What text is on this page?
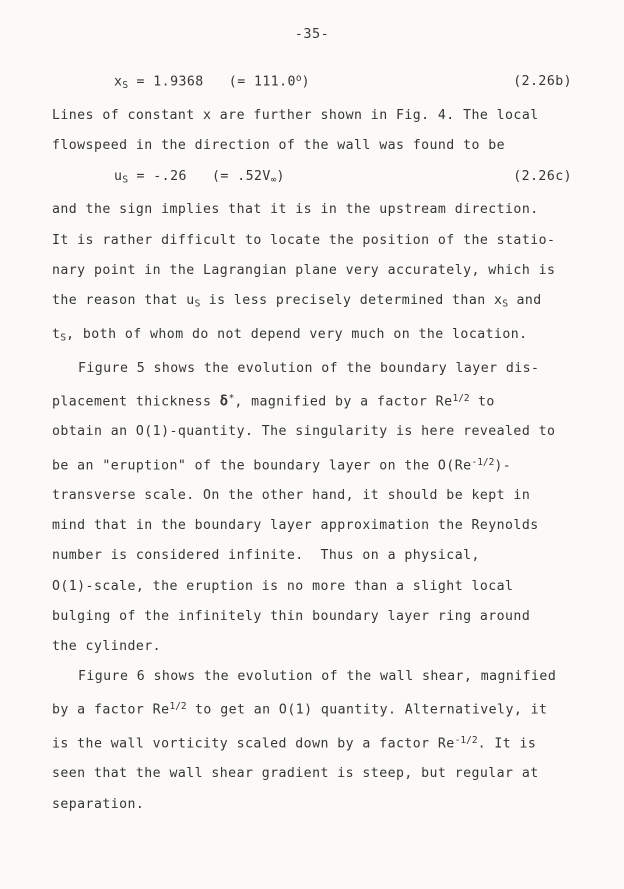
-35-
$x_S = 1.9368$   (= $111.0^o$)	(2.26b)

Lines of constant x are further shown in Fig. 4. The local

flowspeed in the direction of the wall was found to be

$u_S = -.26$   (= $.52V_\infty$)	(2.26c)

and the sign implies that it is in the upstream direction.

It is rather difficult to locate the position of the statio-

nary point in the Lagrangian plane very accurately, which is

the reason that $u_S$ is less precisely determined than $x_S$ and

$t_S$, both of whom do not depend very much on the location.

Figure 5 shows the evolution of the boundary layer dis-

placement thickness δ*, magnified by a factor $Re^{1/2}$ to

obtain an O(1)-quantity. The singularity is here revealed to

be an "eruption" of the boundary layer on the $O(Re^{-1/2})-$

transverse scale. On the other hand, it should be kept in

mind that in the boundary layer approximation the Reynolds

number is considered infinite.  Thus on a physical,

O(1)-scale, the eruption is no more than a slight local

bulging of the infinitely thin boundary layer ring around

the cylinder.

Figure 6 shows the evolution of the wall shear, magnified

by a factor $Re^{1/2}$ to get an O(1) quantity. Alternatively, it

is the wall vorticity scaled down by a factor $Re^{-1/2}$. It is

seen that the wall shear gradient is steep, but regular at

separation.
